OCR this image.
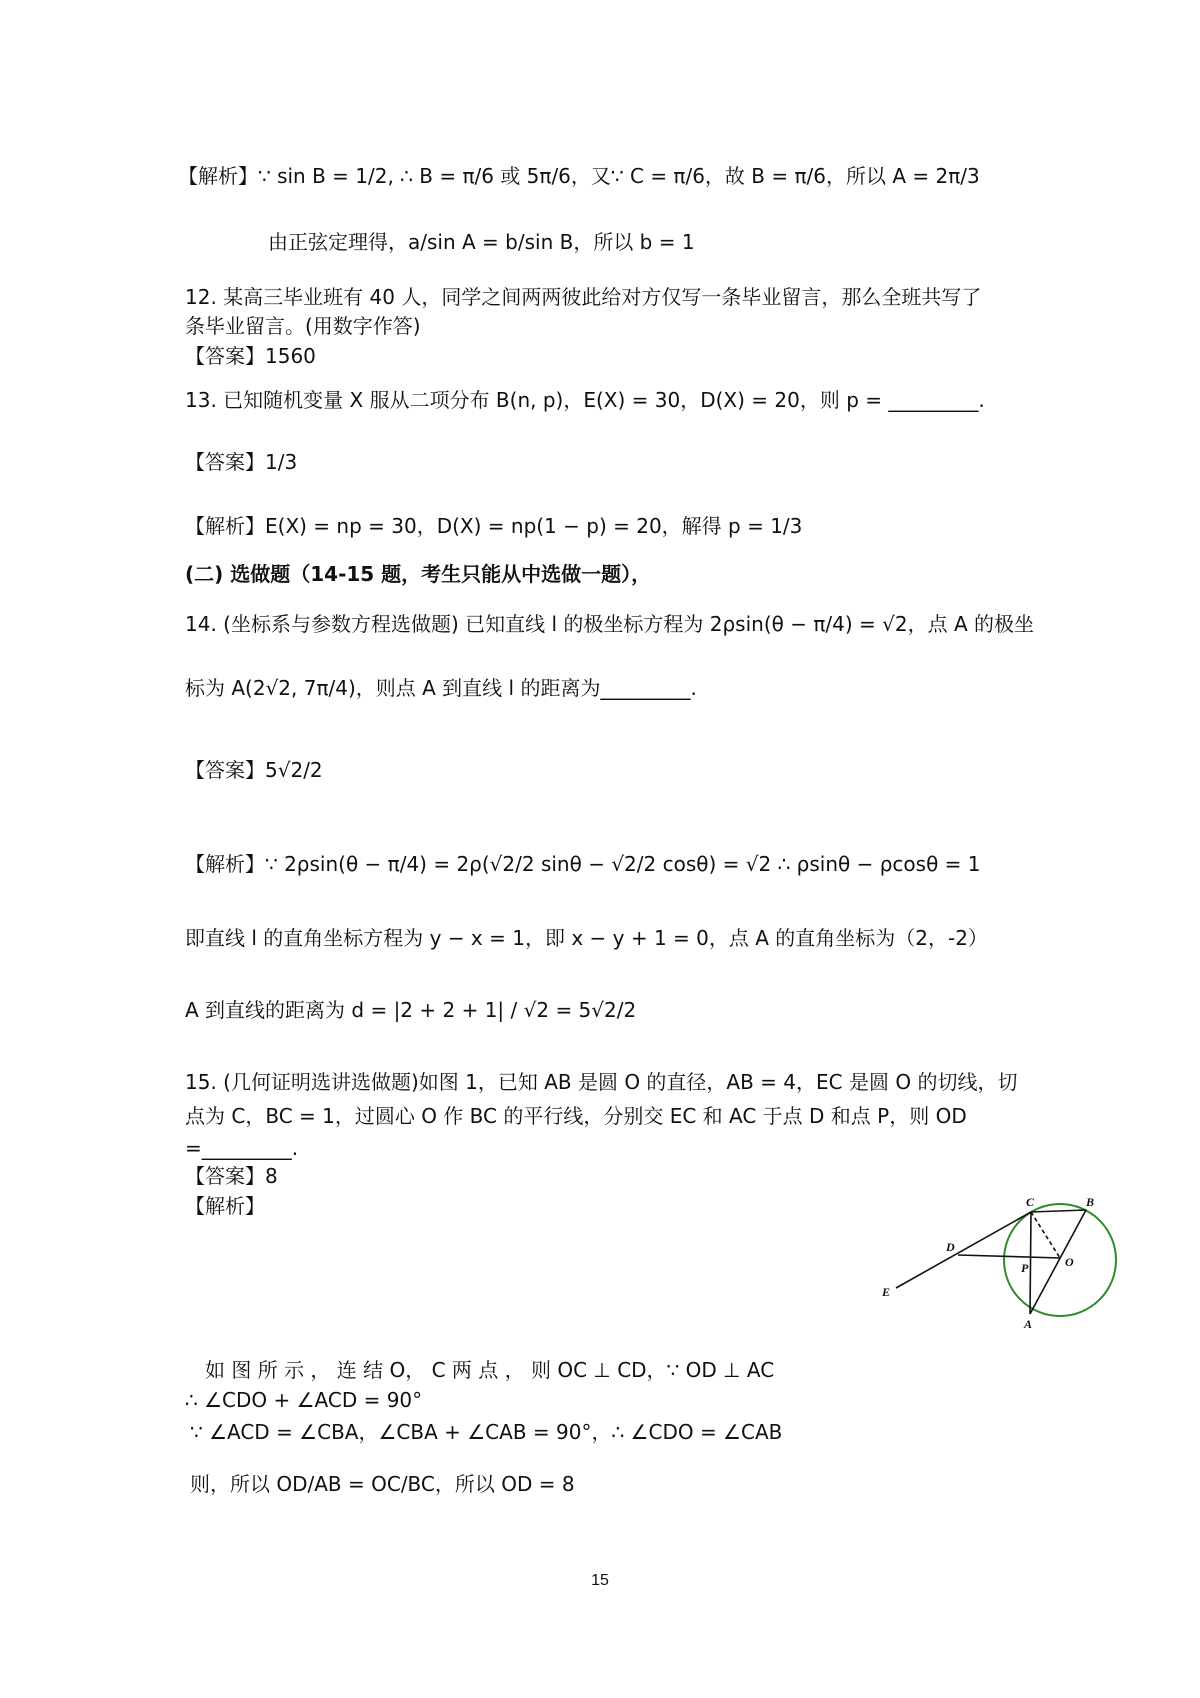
【解析】∵ sin B = 1/2, ∴ B = π/6 或 5π/6，又∵ C = π/6，故 B = π/6，所以 A = 2π/3
由正弦定理得，a/sin A = b/sin B，所以 b = 1
12. 某高三毕业班有 40 人，同学之间两两彼此给对方仅写一条毕业留言，那么全班共写了
条毕业留言。(用数字作答)
【答案】1560
13. 已知随机变量 X 服从二项分布 B(n, p)，E(X) = 30，D(X) = 20，则 p = _________.
【答案】1/3
【解析】E(X) = np = 30，D(X) = np(1 − p) = 20，解得 p = 1/3
(二) 选做题（14-15 题，考生只能从中选做一题），
14. (坐标系与参数方程选做题) 已知直线 l 的极坐标方程为 2ρsin(θ − π/4) = √2，点 A 的极坐
标为 A(2√2, 7π/4)，则点 A 到直线 l 的距离为_________.
【答案】5√2/2
【解析】∵ 2ρsin(θ − π/4) = 2ρ(√2/2 sinθ − √2/2 cosθ) = √2 ∴ ρsinθ − ρcosθ = 1
即直线 l 的直角坐标方程为 y − x = 1，即 x − y + 1 = 0，点 A 的直角坐标为（2，-2）
A 到直线的距离为 d = |2 + 2 + 1| / √2 = 5√2/2
15. (几何证明选讲选做题)如图 1，已知 AB 是圆 O 的直径，AB = 4，EC 是圆 O 的切线，切
点为 C，BC = 1，过圆心 O 作 BC 的平行线，分别交 EC 和 AC 于点 D 和点 P，则 OD
=_________.
【答案】8
【解析】	C	B
D
P	O
E
A
如 图 所 示 ， 连 结 O， C 两 点 ， 则 OC ⊥ CD，∵ OD ⊥ AC
∴ ∠CDO + ∠ACD = 90°
∵ ∠ACD = ∠CBA，∠CBA + ∠CAB = 90°，∴ ∠CDO = ∠CAB
则，所以 OD/AB = OC/BC，所以 OD = 8
15
